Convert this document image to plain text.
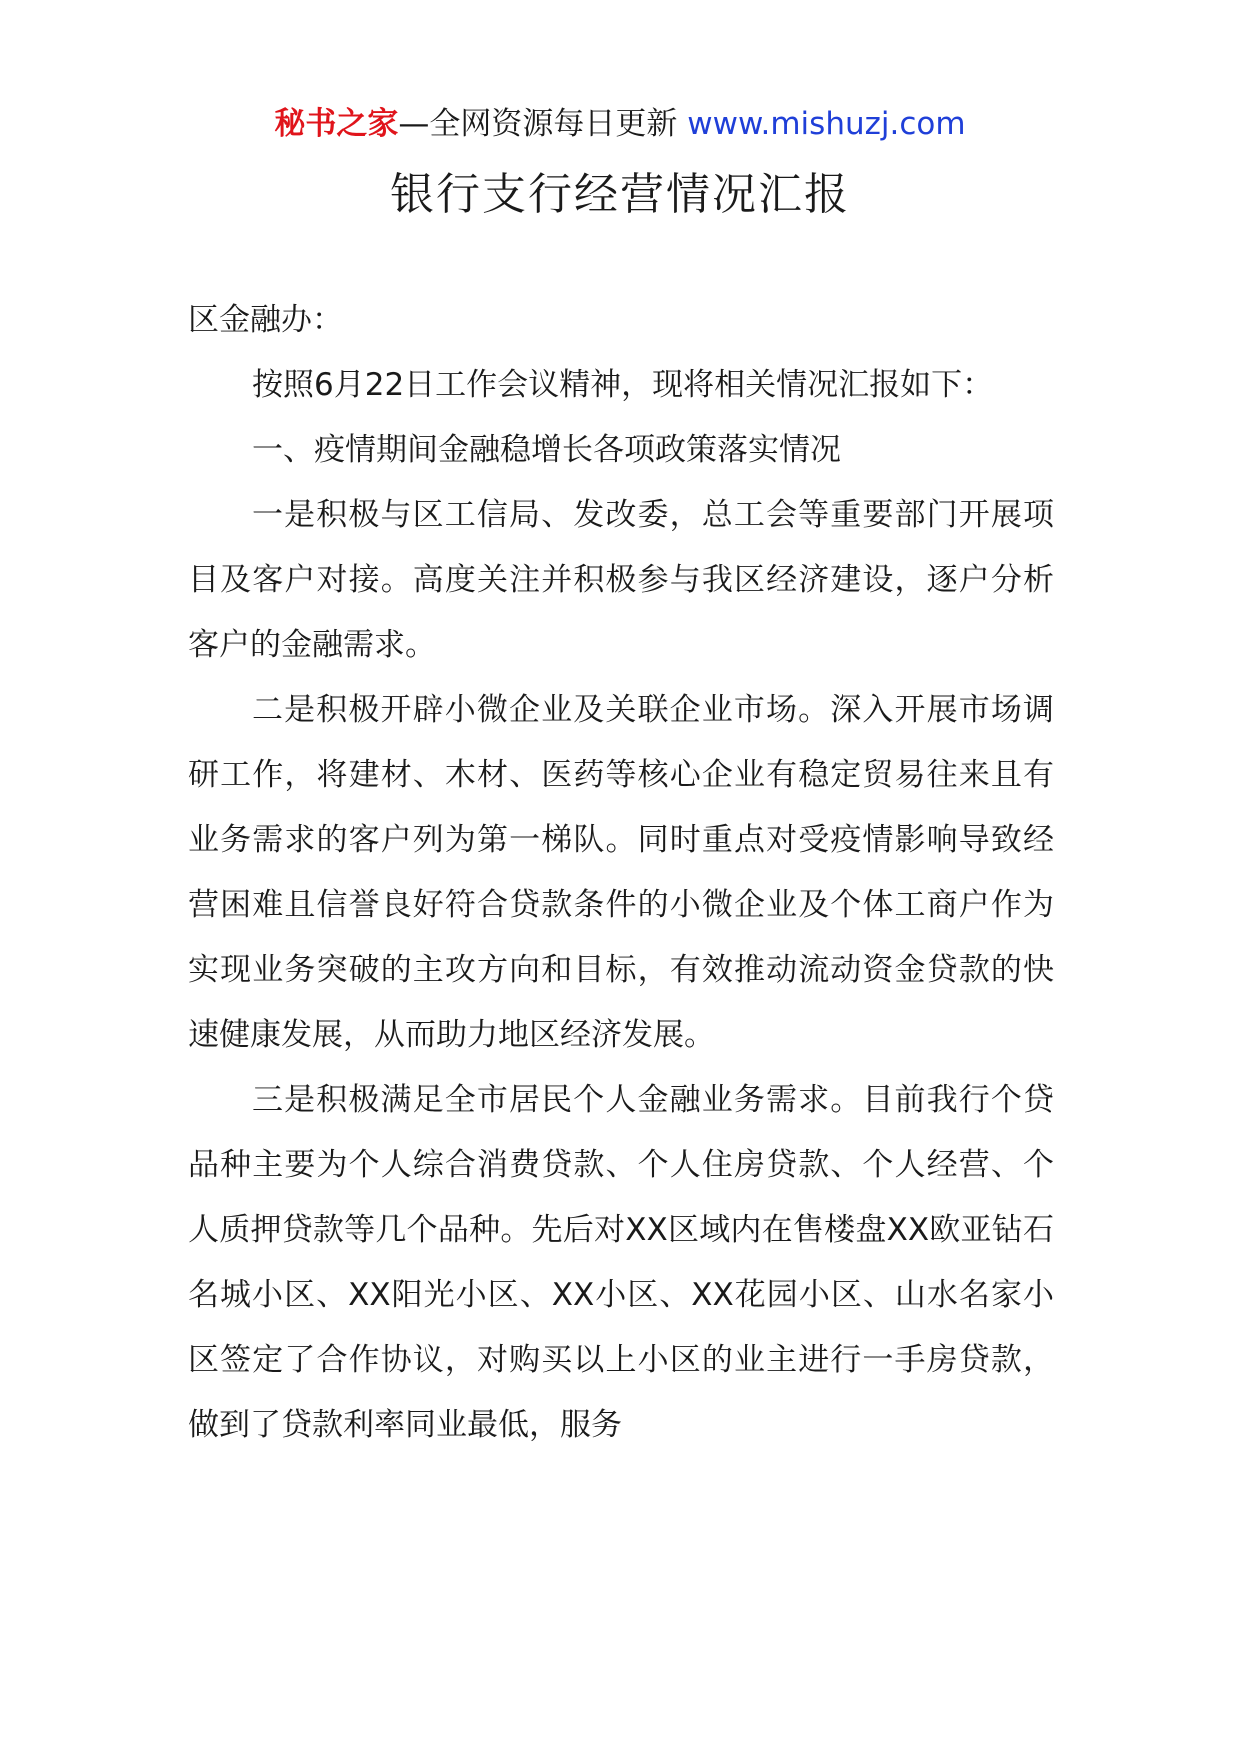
秘书之家—全网资源每日更新 www.mishuzj.com
银行支行经营情况汇报

区金融办：

按照6月22日工作会议精神，现将相关情况汇报如下：

一、疫情期间金融稳增长各项政策落实情况

一是积极与区工信局、发改委，总工会等重要部门开展项目及客户对接。高度关注并积极参与我区经济建设，逐户分析客户的金融需求。

二是积极开辟小微企业及关联企业市场。深入开展市场调研工作，将建材、木材、医药等核心企业有稳定贸易往来且有业务需求的客户列为第一梯队。同时重点对受疫情影响导致经营困难且信誉良好符合贷款条件的小微企业及个体工商户作为实现业务突破的主攻方向和目标，有效推动流动资金贷款的快速健康发展，从而助力地区经济发展。

三是积极满足全市居民个人金融业务需求。目前我行个贷品种主要为个人综合消费贷款、个人住房贷款、个人经营、个人质押贷款等几个品种。先后对XX区域内在售楼盘XX欧亚钻石名城小区、XX阳光小区、XX小区、XX花园小区、山水名家小区签定了合作协议，对购买以上小区的业主进行一手房贷款，做到了贷款利率同业最低，服务
